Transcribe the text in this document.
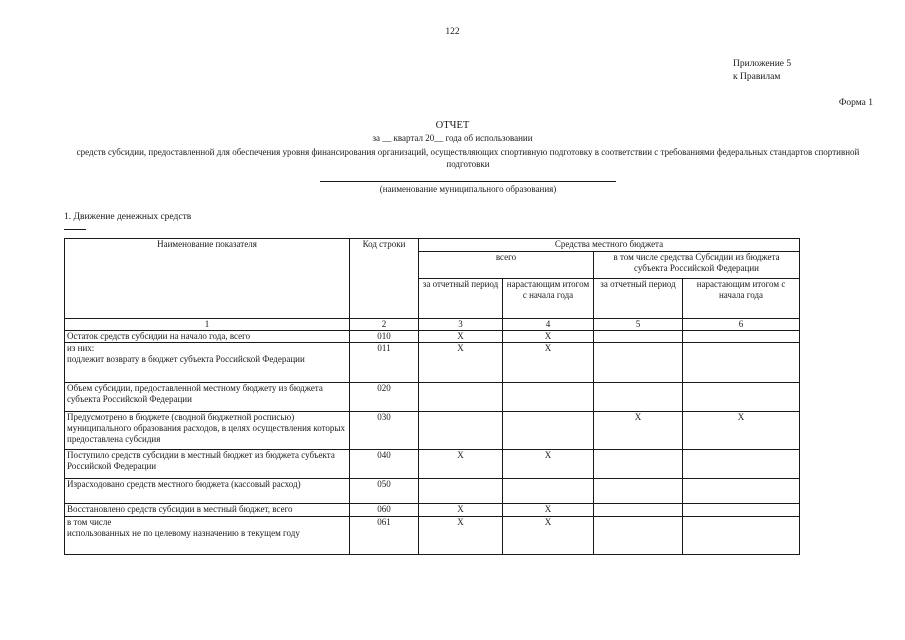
122
Приложение 5
к Правилам
Форма 1
ОТЧЕТ
за __ квартал 20__ года об использовании
средств субсидии, предоставленной для обеспечения уровня финансирования организаций, осуществляющих спортивную подготовку в соответствии с требованиями федеральных стандартов спортивной подготовки
(наименование муниципального образования)
1. Движение денежных средств
Наименование показателя	Код строки	Средства местного бюджета			
		всего		в том числе средства Субсидии из бюджета субъекта Российской Федерации	
		за отчетный период	нарастающим итогом с начала года	за отчетный период	нарастающим итогом с начала года
1	2	3	4	5	6
Остаток средств субсидии на начало года, всего	010	Х	Х		
из них:
подлежит возврату в бюджет субъекта Российской Федерации	011	Х	Х		
Объем субсидии, предоставленной местному бюджету из бюджета субъекта Российской Федерации	020				
Предусмотрено в бюджете (сводной бюджетной росписью) муниципального образования расходов, в целях осуществления которых предоставлена субсидия	030			Х	Х
Поступило средств субсидии в местный бюджет из бюджета субъекта Российской Федерации	040	Х	Х		
Израсходовано средств местного бюджета (кассовый расход)	050				
Восстановлено средств субсидии в местный бюджет, всего	060	Х	Х		
в том числе
использованных не по целевому назначению в текущем году	061	Х	Х		
